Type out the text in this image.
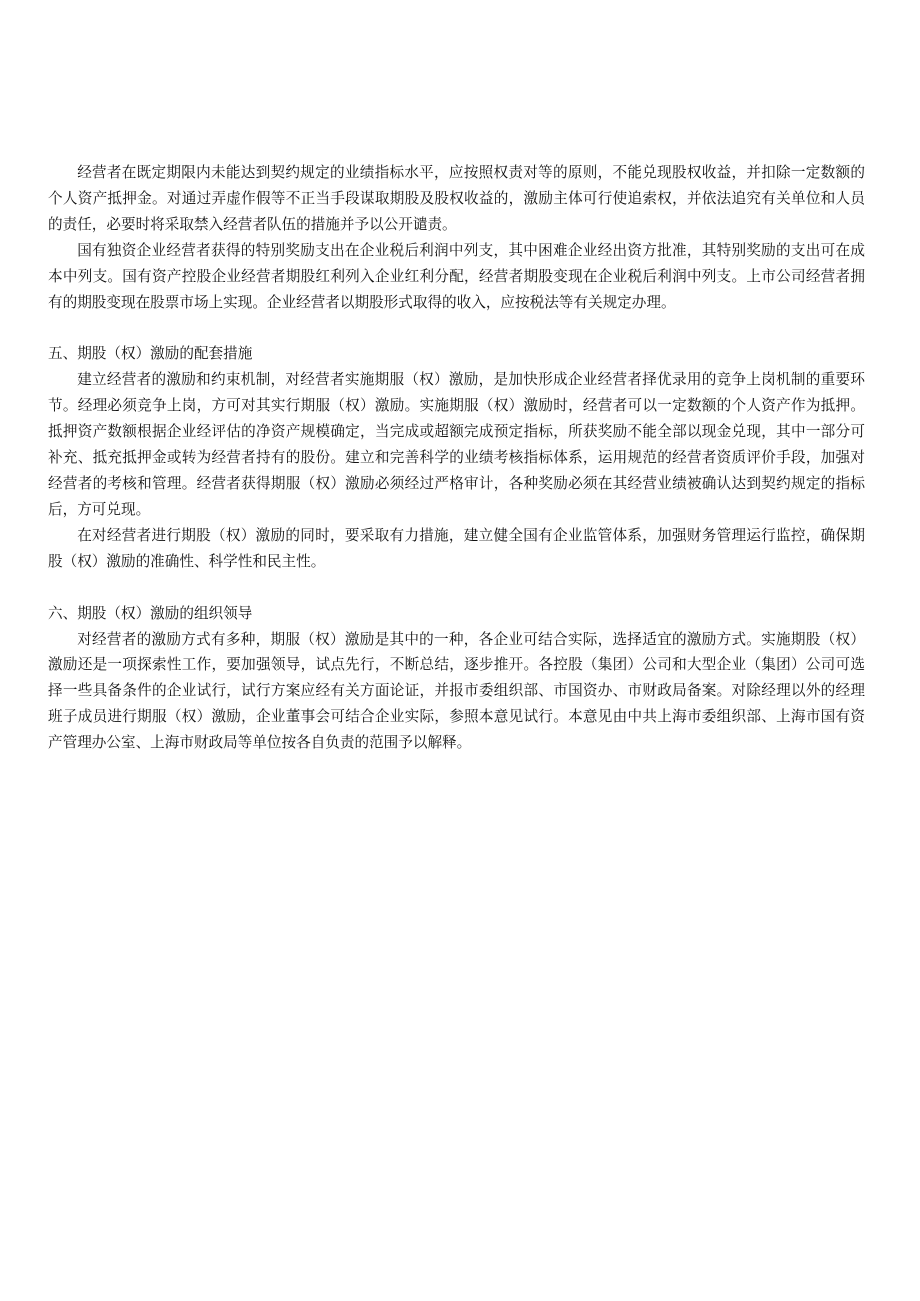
经营者在既定期限内未能达到契约规定的业绩指标水平，应按照权责对等的原则，不能兑现股权收益，并扣除一定数额的个人资产抵押金。对通过弄虚作假等不正当手段谋取期股及股权收益的，激励主体可行使追索权，并依法追究有关单位和人员的责任，必要时将采取禁入经营者队伍的措施并予以公开谴责。

国有独资企业经营者获得的特别奖励支出在企业税后利润中列支，其中困难企业经出资方批准，其特别奖励的支出可在成本中列支。国有资产控股企业经营者期股红利列入企业红利分配，经营者期股变现在企业税后利润中列支。上市公司经营者拥有的期股变现在股票市场上实现。企业经营者以期股形式取得的收入，应按税法等有关规定办理。

五、期股（权）激励的配套措施

建立经营者的激励和约束机制，对经营者实施期服（权）激励，是加快形成企业经营者择优录用的竞争上岗机制的重要环节。经理必须竞争上岗，方可对其实行期服（权）激励。实施期服（权）激励时，经营者可以一定数额的个人资产作为抵押。抵押资产数额根据企业经评估的净资产规模确定，当完成或超额完成预定指标，所获奖励不能全部以现金兑现，其中一部分可补充、抵充抵押金或转为经营者持有的股份。建立和完善科学的业绩考核指标体系，运用规范的经营者资质评价手段，加强对经营者的考核和管理。经营者获得期服（权）激励必须经过严格审计，各种奖励必须在其经营业绩被确认达到契约规定的指标后，方可兑现。

在对经营者进行期股（权）激励的同时，要采取有力措施，建立健全国有企业监管体系，加强财务管理运行监控，确保期股（权）激励的准确性、科学性和民主性。

六、期股（权）激励的组织领导

对经营者的激励方式有多种，期服（权）激励是其中的一种，各企业可结合实际，选择适宜的激励方式。实施期股（权）激励还是一项探索性工作，要加强领导，试点先行，不断总结，逐步推开。各控股（集团）公司和大型企业（集团）公司可选择一些具备条件的企业试行，试行方案应经有关方面论证，并报市委组织部、市国资办、市财政局备案。对除经理以外的经理班子成员进行期服（权）激励，企业董事会可结合企业实际，参照本意见试行。本意见由中共上海市委组织部、上海市国有资产管理办公室、上海市财政局等单位按各自负责的范围予以解释。
